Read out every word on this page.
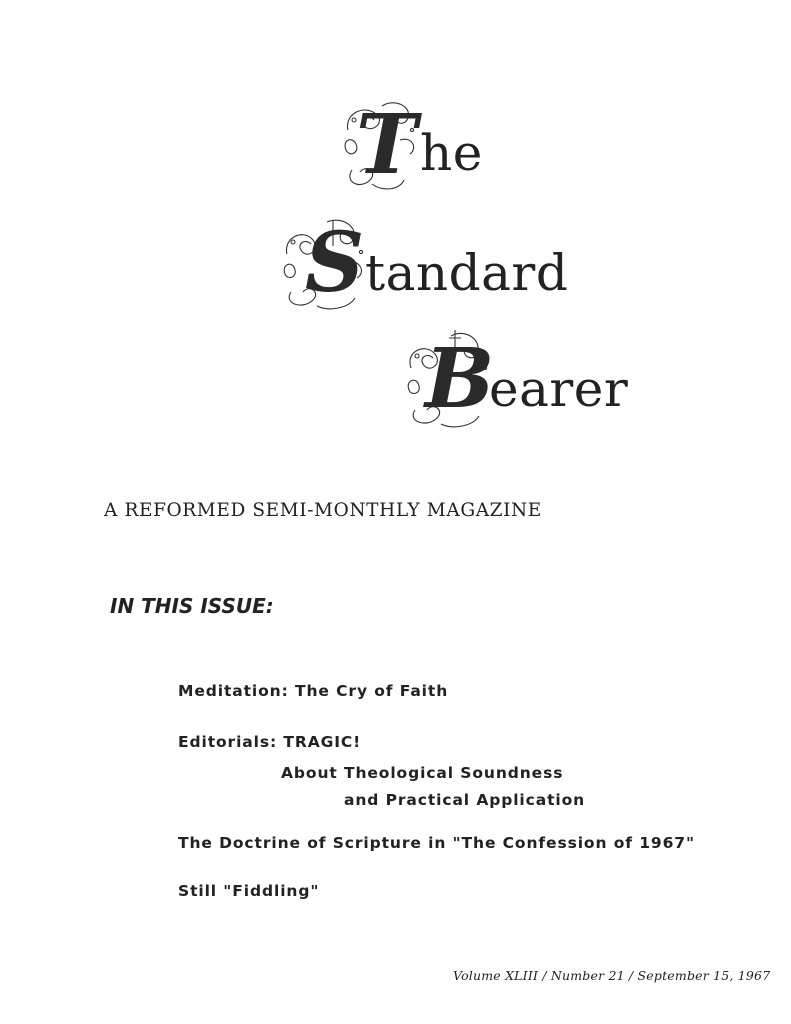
T he
S tandard
B
earer
A REFORMED SEMI-MONTHLY MAGAZINE
IN THIS ISSUE:
Meditation: The Cry of Faith
Editorials: TRAGIC!
About Theological Soundness
and Practical Application
The Doctrine of Scripture in "The Confession of 1967"
Still "Fiddling"
Volume XLIII / Number 21 / September 15, 1967
